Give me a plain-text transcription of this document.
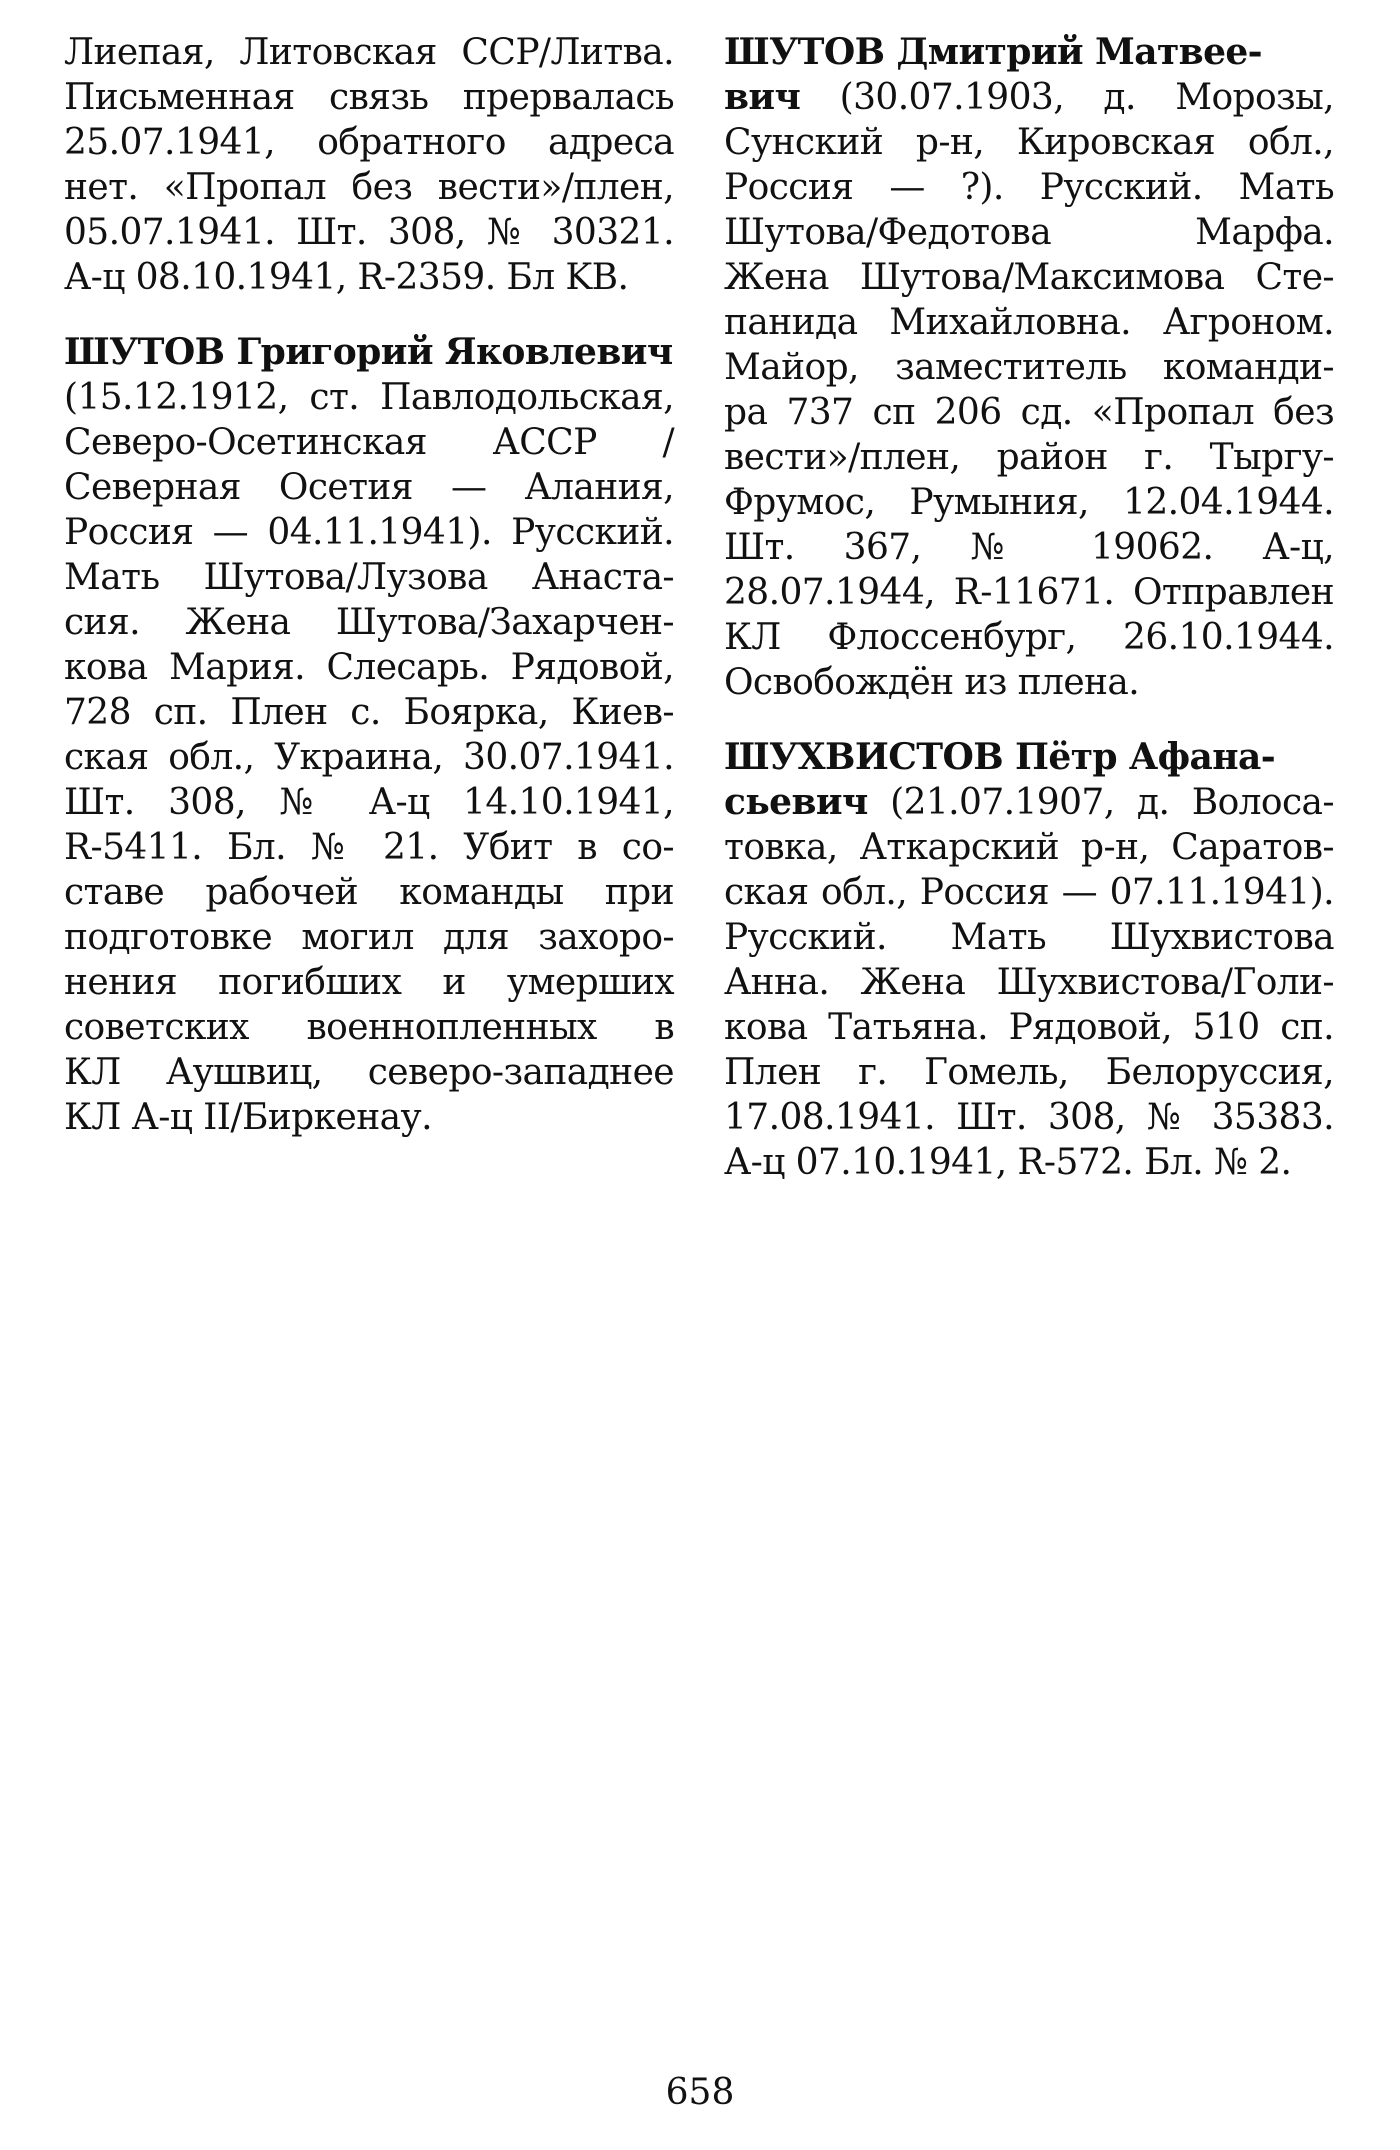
Лиепая, Литовская ССР/Литва.
Письменная связь прервалась
25.07.1941, обратного адреса
нет. «Пропал без вести»/плен,
05.07.1941. Шт. 308, № 30321.
А-ц 08.10.1941, R-2359. Бл KB.
ШУТОВ Григорий Яковлевич
(15.12.1912, ст. Павлодольская,
Северо-Осетинская АССР /
Северная Осетия — Алания,
Россия — 04.11.1941). Русский.
Мать Шутова/Лузова Анаста-
сия. Жена Шутова/Захарчен-
кова Мария. Слесарь. Рядовой,
728 сп. Плен с. Боярка, Киев-
ская обл., Украина, 30.07.1941.
Шт. 308, № А-ц 14.10.1941,
R-5411. Бл. № 21. Убит в со-
ставе рабочей команды при
подготовке могил для захоро-
нения погибших и умерших
советских военнопленных в
КЛ Аушвиц, северо-западнее
КЛ А-ц II/Биркенау.
ШУТОВ Дмитрий Матвее-
вич (30.07.1903, д. Морозы,
Сунский р-н, Кировская обл.,
Россия — ?). Русский. Мать
Шутова/Федотова Марфа.
Жена Шутова/Максимова Сте-
панида Михайловна. Агроном.
Майор, заместитель команди-
ра 737 сп 206 сд. «Пропал без
вести»/плен, район г. Тыргу-
Фрумос, Румыния, 12.04.1944.
Шт. 367, № 19062. А-ц,
28.07.1944, R-11671. Отправлен
КЛ Флоссенбург, 26.10.1944.
Освобождён из плена.
ШУХВИСТОВ Пётр Афана-
сьевич (21.07.1907, д. Волоса-
товка, Аткарский р-н, Саратов-
ская обл., Россия — 07.11.1941).
Русский. Мать Шухвистова
Анна. Жена Шухвистова/Голи-
кова Татьяна. Рядовой, 510 сп.
Плен г. Гомель, Белоруссия,
17.08.1941. Шт. 308, № 35383.
А-ц 07.10.1941, R-572. Бл. № 2.
658
